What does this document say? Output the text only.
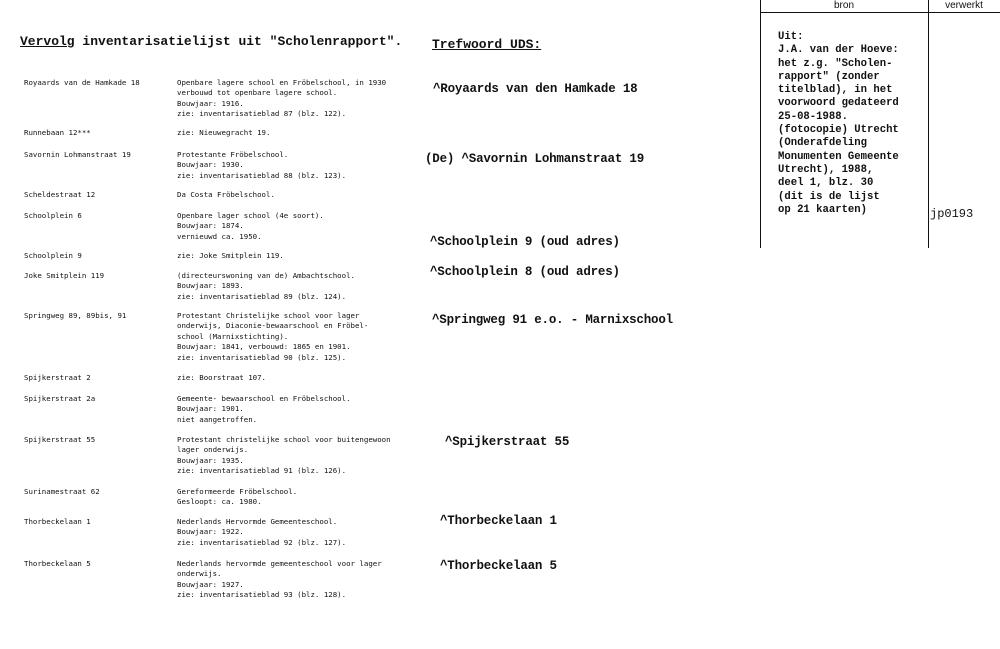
Vervolg inventarisatielijst uit "Scholenrapport". Trefwoord UDS:
bron	verwerkt
Uit:
J.A. van der Hoeve:
het z.g. "Scholen-
rapport" (zonder
titelblad), in het
voorwoord gedateerd
25-08-1988.
(fotocopie) Utrecht
(Onderafdeling
Monumenten Gemeente
Utrecht), 1988,
deel 1, blz. 30
(dit is de lijst
op 21 kaarten)	jp0193
Royaards van de Hamkade 18	Openbare lagere school en Fröbelschool, in 1930
verbouwd tot openbare lagere school.
Bouwjaar: 1916.
zie: inventarisatieblad 87 (blz. 122).
^Royaards van den Hamkade 18
Runnebaan 12***	zie: Nieuwegracht 19.
Savornin Lohmanstraat 19	Protestante Fröbelschool.
Bouwjaar: 1930.
zie: inventarisatieblad 88 (blz. 123).
(De) ^Savornin Lohmanstraat 19
Scheldestraat 12	Da Costa Fröbelschool.
Schoolplein 6	Openbare lager school (4e soort).
Bouwjaar: 1874.
vernieuwd ca. 1950.	^Schoolplein 9 (oud adres)
Schoolplein 9	zie: Joke Smitplein 119.
Joke Smitplein 119	(directeurswoning van de) Ambachtschool.
Bouwjaar: 1893.
zie: inventarisatieblad 89 (blz. 124).
^Schoolplein 8 (oud adres)
Springweg 89, 89bis, 91	Protestant Christelijke school voor lager
onderwijs, Diaconie-bewaarschool en Fröbel-
school (Marnixstichting).
Bouwjaar: 1841, verbouwd: 1865 en 1901.
zie: inventarisatieblad 90 (blz. 125).
^Springweg 91 e.o. - Marnixschool
Spijkerstraat 2	zie: Boorstraat 107.
Spijkerstraat 2a	Gemeente- bewaarschool en Fröbelschool.
Bouwjaar: 1901.
niet aangetroffen.
Spijkerstraat 55	Protestant christelijke school voor buitengewoon
lager onderwijs.
Bouwjaar: 1935.
zie: inventarisatieblad 91 (blz. 126).
^Spijkerstraat 55
Surinamestraat 62	Gereformeerde Fröbelschool.
Gesloopt: ca. 1980.
Thorbeckelaan 1	Nederlands Hervormde Gemeenteschool.
Bouwjaar: 1922.
zie: inventarisatieblad 92 (blz. 127).
^Thorbeckelaan 1
Thorbeckelaan 5	Nederlands hervormde gemeenteschool voor lager
onderwijs.
Bouwjaar: 1927.
zie: inventarisatieblad 93 (blz. 128).
^Thorbeckelaan 5
